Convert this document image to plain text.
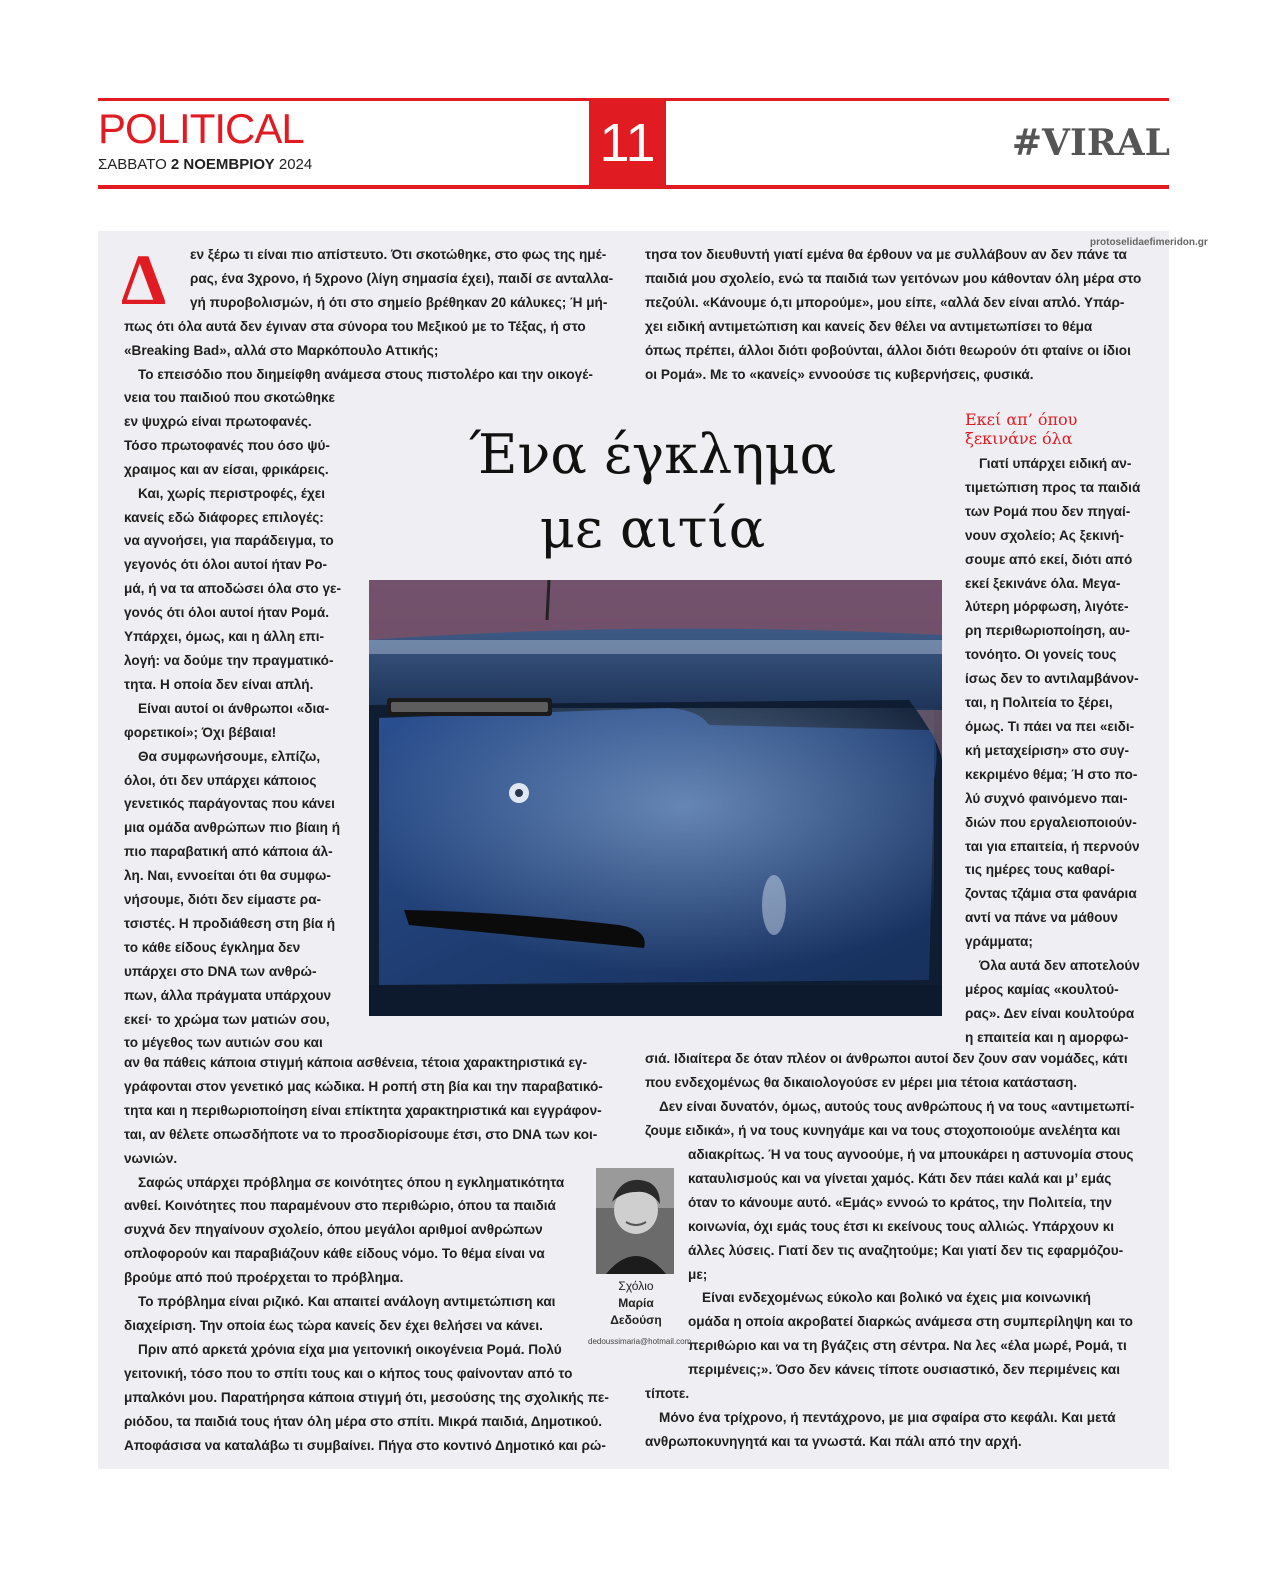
POLITICAL
ΣΑΒΒΑΤΟ 2 ΝΟΕΜΒΡΙΟΥ 2024	11	#VIRAL
protoselidaefimeridon.gr
Δ	εν ξέρω τι είναι πιο απίστευτο. Ότι σκοτώθηκε, στο φως της ημέ-
ρας, ένα 3χρονο, ή 5χρονο (λίγη σημασία έχει), παιδί σε ανταλλα-
γή πυροβολισμών, ή ότι στο σημείο βρέθηκαν 20 κάλυκες; Ή μή-
πως ότι όλα αυτά δεν έγιναν στα σύνορα του Μεξικού με το Τέξας, ή στο
«Breaking Bad», αλλά στο Μαρκόπουλο Αττικής;
Το επεισόδιο που διημείφθη ανάμεσα στους πιστολέρο και την οικογέ-
νεια του παιδιού που σκοτώθηκε
εν ψυχρώ είναι πρωτοφανές.
Τόσο πρωτοφανές που όσο ψύ-
χραιμος και αν είσαι, φρικάρεις.
Και, χωρίς περιστροφές, έχει
κανείς εδώ διάφορες επιλογές:
να αγνοήσει, για παράδειγμα, το
γεγονός ότι όλοι αυτοί ήταν Ρο-
μά, ή να τα αποδώσει όλα στο γε-
γονός ότι όλοι αυτοί ήταν Ρομά.
Υπάρχει, όμως, και η άλλη επι-
λογή: να δούμε την πραγματικό-
τητα. Η οποία δεν είναι απλή.
Είναι αυτοί οι άνθρωποι «δια-
φορετικοί»; Όχι βέβαια!
Θα συμφωνήσουμε, ελπίζω,
όλοι, ότι δεν υπάρχει κάποιος
γενετικός παράγοντας που κάνει
μια ομάδα ανθρώπων πιο βίαιη ή
πιο παραβατική από κάποια άλ-
λη. Ναι, εννοείται ότι θα συμφω-
νήσουμε, διότι δεν είμαστε ρα-
τσιστές. Η προδιάθεση στη βία ή
το κάθε είδους έγκλημα δεν
υπάρχει στο DNA των ανθρώ-
πων, άλλα πράγματα υπάρχουν
εκεί· το χρώμα των ματιών σου,
το μέγεθος των αυτιών σου και
αν θα πάθεις κάποια στιγμή κάποια ασθένεια, τέτοια χαρακτηριστικά εγ-
γράφονται στον γενετικό μας κώδικα. Η ροπή στη βία και την παραβατικό-
τητα και η περιθωριοποίηση είναι επίκτητα χαρακτηριστικά και εγγράφον-
ται, αν θέλετε οπωσδήποτε να το προσδιορίσουμε έτσι, στο DNA των κοι-
νωνιών.
Σαφώς υπάρχει πρόβλημα σε κοινότητες όπου η εγκληματικότητα
ανθεί. Κοινότητες που παραμένουν στο περιθώριο, όπου τα παιδιά
συχνά δεν πηγαίνουν σχολείο, όπου μεγάλοι αριθμοί ανθρώπων
οπλοφορούν και παραβιάζουν κάθε είδους νόμο. Το θέμα είναι να
βρούμε από πού προέρχεται το πρόβλημα.
Το πρόβλημα είναι ριζικό. Και απαιτεί ανάλογη αντιμετώπιση και
διαχείριση. Την οποία έως τώρα κανείς δεν έχει θελήσει να κάνει.
Πριν από αρκετά χρόνια είχα μια γειτονική οικογένεια Ρομά. Πολύ
γειτονική, τόσο που το σπίτι τους και ο κήπος τους φαίνονταν από το
μπαλκόνι μου. Παρατήρησα κάποια στιγμή ότι, μεσούσης της σχολικής πε-
ριόδου, τα παιδιά τους ήταν όλη μέρα στο σπίτι. Μικρά παιδιά, Δημοτικού.
Αποφάσισα να καταλάβω τι συμβαίνει. Πήγα στο κοντινό Δημοτικό και ρώ-
τησα τον διευθυντή γιατί εμένα θα έρθουν να με συλλάβουν αν δεν πάνε τα
παιδιά μου σχολείο, ενώ τα παιδιά των γειτόνων μου κάθονταν όλη μέρα στο
πεζούλι. «Κάνουμε ό,τι μπορούμε», μου είπε, «αλλά δεν είναι απλό. Υπάρ-
χει ειδική αντιμετώπιση και κανείς δεν θέλει να αντιμετωπίσει το θέμα
όπως πρέπει, άλλοι διότι φοβούνται, άλλοι διότι θεωρούν ότι φταίνε οι ίδιοι
οι Ρομά». Με το «κανείς» εννοούσε τις κυβερνήσεις, φυσικά.
Γιατί υπάρχει ειδική αν-
τιμετώπιση προς τα παιδιά
των Ρομά που δεν πηγαί-
νουν σχολείο; Ας ξεκινή-
σουμε από εκεί, διότι από
εκεί ξεκινάνε όλα. Μεγα-
λύτερη μόρφωση, λιγότε-
ρη περιθωριοποίηση, αυ-
τονόητο. Οι γονείς τους
ίσως δεν το αντιλαμβάνον-
ται, η Πολιτεία το ξέρει,
όμως. Τι πάει να πει «ειδι-
κή μεταχείριση» στο συγ-
κεκριμένο θέμα; Ή στο πο-
λύ συχνό φαινόμενο παι-
διών που εργαλειοποιούν-
ται για επαιτεία, ή περνούν
τις ημέρες τους καθαρί-
ζοντας τζάμια στα φανάρια
αντί να πάνε να μάθουν
γράμματα;
Όλα αυτά δεν αποτελούν
μέρος καμίας «κουλτού-
ρας». Δεν είναι κουλτούρα
η επαιτεία και η αμορφω-
σιά. Ιδιαίτερα δε όταν πλέον οι άνθρωποι αυτοί δεν ζουν σαν νομάδες, κάτι
που ενδεχομένως θα δικαιολογούσε εν μέρει μια τέτοια κατάσταση.
Δεν είναι δυνατόν, όμως, αυτούς τους ανθρώπους ή να τους «αντιμετωπί-
ζουμε ειδικά», ή να τους κυνηγάμε και να τους στοχοποιούμε ανελέητα και
αδιακρίτως. Ή να τους αγνοούμε, ή να μπουκάρει η αστυνομία στους
καταυλισμούς και να γίνεται χαμός. Κάτι δεν πάει καλά και μ’ εμάς
όταν το κάνουμε αυτό. «Εμάς» εννοώ το κράτος, την Πολιτεία, την
κοινωνία, όχι εμάς τους έτσι κι εκείνους τους αλλιώς. Υπάρχουν κι
άλλες λύσεις. Γιατί δεν τις αναζητούμε; Και γιατί δεν τις εφαρμόζου-
με;
Είναι ενδεχομένως εύκολο και βολικό να έχεις μια κοινωνική
ομάδα η οποία ακροβατεί διαρκώς ανάμεσα στη συμπερίληψη και το
περιθώριο και να τη βγάζεις στη σέντρα. Να λες «έλα μωρέ, Ρομά, τι
περιμένεις;». Όσο δεν κάνεις τίποτε ουσιαστικό, δεν περιμένεις και
τίποτε.
Μόνο ένα τρίχρονο, ή πεντάχρονο, με μια σφαίρα στο κεφάλι. Και μετά
ανθρωποκυνηγητά και τα γνωστά. Και πάλι από την αρχή.
Ένα έγκλημα
με αιτία
Εκεί απ’ όπου
ξεκινάνε όλα
Σχόλιο
Μαρία
Δεδούση
dedoussimaria@hotmail.com
